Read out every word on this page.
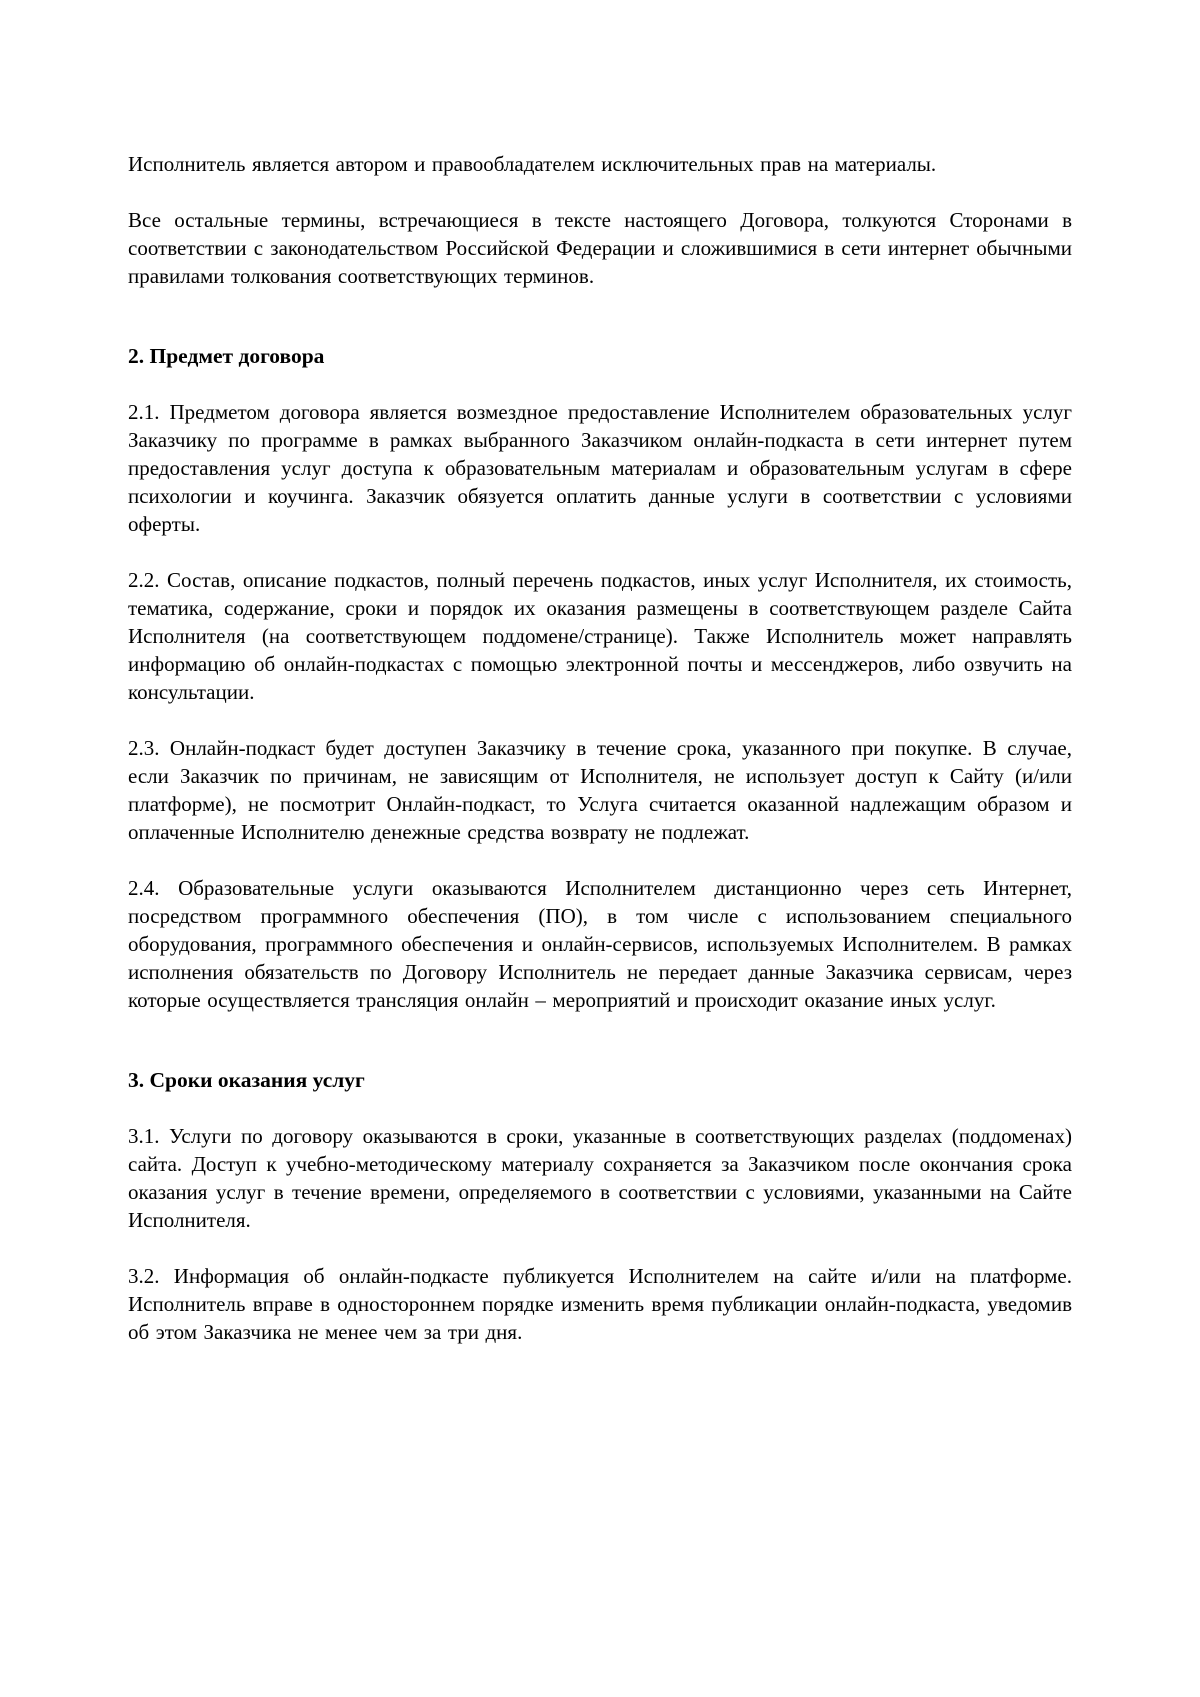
Исполнитель является автором и правообладателем исключительных прав на материалы.

Все остальные термины, встречающиеся в тексте настоящего Договора, толкуются Сторонами в соответствии с законодательством Российской Федерации и сложившимися в сети интернет обычными правилами толкования соответствующих терминов.

2. Предмет договора

2.1. Предметом договора является возмездное предоставление Исполнителем образовательных услуг Заказчику по программе в рамках выбранного Заказчиком онлайн-подкаста в сети интернет путем предоставления услуг доступа к образовательным материалам и образовательным услугам в сфере психологии и коучинга. Заказчик обязуется оплатить данные услуги в соответствии с условиями оферты.

2.2. Состав, описание подкастов, полный перечень подкастов, иных услуг Исполнителя, их стоимость, тематика, содержание, сроки и порядок их оказания размещены в соответствующем разделе Сайта Исполнителя (на соответствующем поддомене/странице). Также Исполнитель может направлять информацию об онлайн-подкастах с помощью электронной почты и мессенджеров, либо озвучить на консультации.

2.3. Онлайн-подкаст будет доступен Заказчику в течение срока, указанного при покупке. В случае, если Заказчик по причинам, не зависящим от Исполнителя, не использует доступ к Сайту (и/или платформе), не посмотрит Онлайн-подкаст, то Услуга считается оказанной надлежащим образом и оплаченные Исполнителю денежные средства возврату не подлежат.

2.4. Образовательные услуги оказываются Исполнителем дистанционно через сеть Интернет, посредством программного обеспечения (ПО), в том числе с использованием специального оборудования, программного обеспечения и онлайн-сервисов, используемых Исполнителем. В рамках исполнения обязательств по Договору Исполнитель не передает данные Заказчика сервисам, через которые осуществляется трансляция онлайн – мероприятий и происходит оказание иных услуг.

3. Сроки оказания услуг

3.1. Услуги по договору оказываются в сроки, указанные в соответствующих разделах (поддоменах) сайта. Доступ к учебно-методическому материалу сохраняется за Заказчиком после окончания срока оказания услуг в течение времени, определяемого в соответствии с условиями, указанными на Сайте Исполнителя.

3.2. Информация об онлайн-подкасте публикуется Исполнителем на сайте и/или на платформе. Исполнитель вправе в одностороннем порядке изменить время публикации онлайн-подкаста, уведомив об этом Заказчика не менее чем за три дня.
